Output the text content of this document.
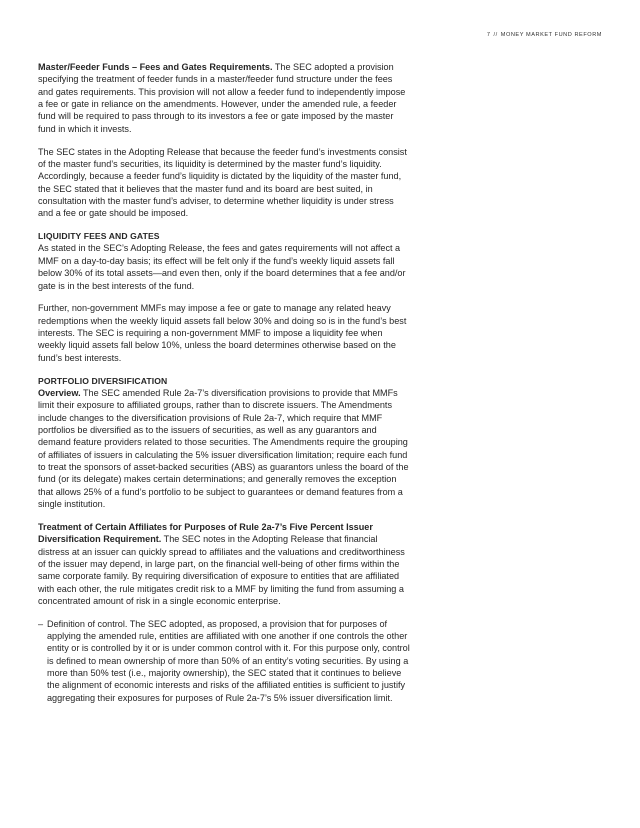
7 // MONEY MARKET FUND REFORM

Master/Feeder Funds – Fees and Gates Requirements. The SEC adopted a provision specifying the treatment of feeder funds in a master/feeder fund structure under the fees and gates requirements. This provision will not allow a feeder fund to independently impose a fee or gate in reliance on the amendments. However, under the amended rule, a feeder fund will be required to pass through to its investors a fee or gate imposed by the master fund in which it invests.

The SEC states in the Adopting Release that because the feeder fund’s investments consist of the master fund’s securities, its liquidity is determined by the master fund’s liquidity. Accordingly, because a feeder fund’s liquidity is dictated by the liquidity of the master fund, the SEC stated that it believes that the master fund and its board are best suited, in consultation with the master fund’s adviser, to determine whether liquidity is under stress and a fee or gate should be imposed.

LIQUIDITY FEES AND GATES

As stated in the SEC’s Adopting Release, the fees and gates requirements will not affect a MMF on a day-to-day basis; its effect will be felt only if the fund’s weekly liquid assets fall below 30% of its total assets—and even then, only if the board determines that a fee and/or gate is in the best interests of the fund.

Further, non-government MMFs may impose a fee or gate to manage any related heavy redemptions when the weekly liquid assets fall below 30% and doing so is in the fund’s best interests. The SEC is requiring a non-government MMF to impose a liquidity fee when weekly liquid assets fall below 10%, unless the board determines otherwise based on the fund’s best interests.

PORTFOLIO DIVERSIFICATION

Overview. The SEC amended Rule 2a-7’s diversification provisions to provide that MMFs limit their exposure to affiliated groups, rather than to discrete issuers. The Amendments include changes to the diversification provisions of Rule 2a-7, which require that MMF portfolios be diversified as to the issuers of securities, as well as any guarantors and demand feature providers related to those securities. The Amendments require the grouping of affiliates of issuers in calculating the 5% issuer diversification limitation; require each fund to treat the sponsors of asset-backed securities (ABS) as guarantors unless the board of the fund (or its delegate) makes certain determinations; and generally removes the exception that allows 25% of a fund’s portfolio to be subject to guarantees or demand features from a single institution.

Treatment of Certain Affiliates for Purposes of Rule 2a-7’s Five Percent Issuer Diversification Requirement. The SEC notes in the Adopting Release that financial distress at an issuer can quickly spread to affiliates and the valuations and creditworthiness of the issuer may depend, in large part, on the financial well-being of other firms within the same corporate family. By requiring diversification of exposure to entities that are affiliated with each other, the rule mitigates credit risk to a MMF by limiting the fund from assuming a concentrated amount of risk in a single economic enterprise.

– Definition of control. The SEC adopted, as proposed, a provision that for purposes of applying the amended rule, entities are affiliated with one another if one controls the other entity or is controlled by it or is under common control with it. For this purpose only, control is defined to mean ownership of more than 50% of an entity’s voting securities. By using a more than 50% test (i.e., majority ownership), the SEC stated that it continues to believe the alignment of economic interests and risks of the affiliated entities is sufficient to justify aggregating their exposures for purposes of Rule 2a-7’s 5% issuer diversification limit.
